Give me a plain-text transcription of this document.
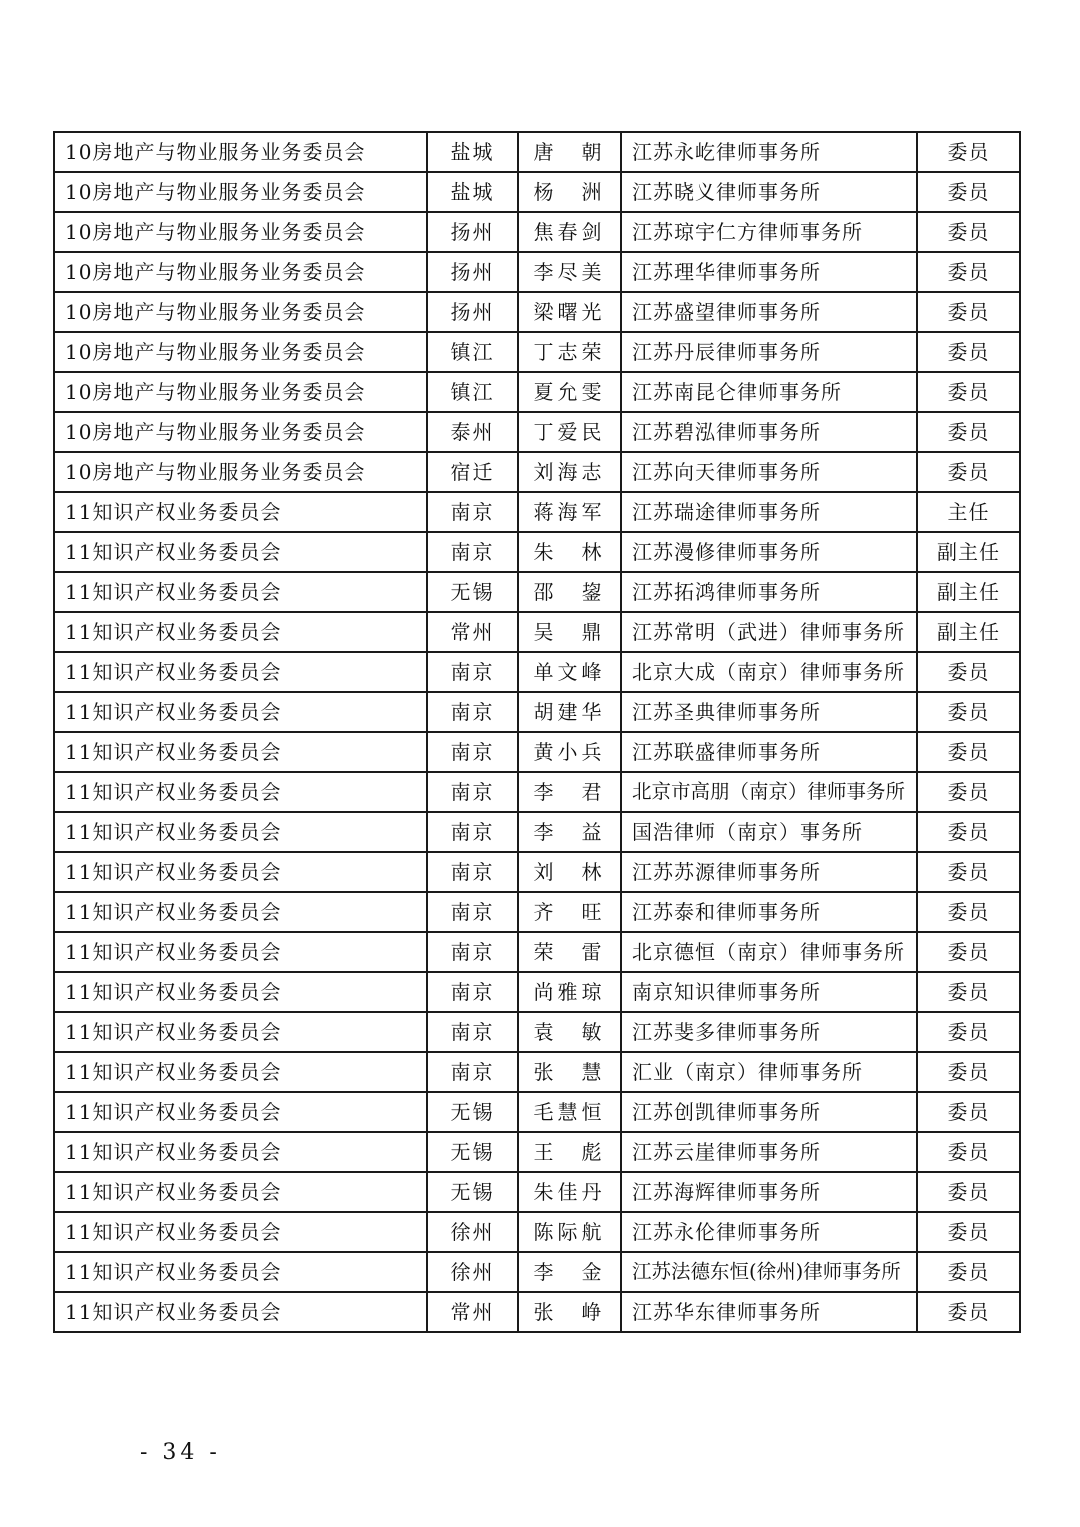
10房地产与物业服务业务委员会	盐城	唐　朝	江苏永屹律师事务所	委员
10房地产与物业服务业务委员会	盐城	杨　洲	江苏晓义律师事务所	委员
10房地产与物业服务业务委员会	扬州	焦春剑	江苏琼宇仁方律师事务所	委员
10房地产与物业服务业务委员会	扬州	李尽美	江苏理华律师事务所	委员
10房地产与物业服务业务委员会	扬州	梁曙光	江苏盛望律师事务所	委员
10房地产与物业服务业务委员会	镇江	丁志荣	江苏丹辰律师事务所	委员
10房地产与物业服务业务委员会	镇江	夏允雯	江苏南昆仑律师事务所	委员
10房地产与物业服务业务委员会	泰州	丁爱民	江苏碧泓律师事务所	委员
10房地产与物业服务业务委员会	宿迁	刘海志	江苏向天律师事务所	委员
11知识产权业务委员会	南京	蒋海军	江苏瑞途律师事务所	主任
11知识产权业务委员会	南京	朱　林	江苏漫修律师事务所	副主任
11知识产权业务委员会	无锡	邵　鋆	江苏拓鸿律师事务所	副主任
11知识产权业务委员会	常州	吴　鼎	江苏常明（武进）律师事务所	副主任
11知识产权业务委员会	南京	单文峰	北京大成（南京）律师事务所	委员
11知识产权业务委员会	南京	胡建华	江苏圣典律师事务所	委员
11知识产权业务委员会	南京	黄小兵	江苏联盛律师事务所	委员
11知识产权业务委员会	南京	李　君	北京市高朋（南京）律师事务所	委员
11知识产权业务委员会	南京	李　益	国浩律师（南京）事务所	委员
11知识产权业务委员会	南京	刘　林	江苏苏源律师事务所	委员
11知识产权业务委员会	南京	齐　旺	江苏泰和律师事务所	委员
11知识产权业务委员会	南京	荣　雷	北京德恒（南京）律师事务所	委员
11知识产权业务委员会	南京	尚雅琼	南京知识律师事务所	委员
11知识产权业务委员会	南京	袁　敏	江苏斐多律师事务所	委员
11知识产权业务委员会	南京	张　慧	汇业（南京）律师事务所	委员
11知识产权业务委员会	无锡	毛慧恒	江苏创凯律师事务所	委员
11知识产权业务委员会	无锡	王　彪	江苏云崖律师事务所	委员
11知识产权业务委员会	无锡	朱佳丹	江苏海辉律师事务所	委员
11知识产权业务委员会	徐州	陈际航	江苏永伦律师事务所	委员
11知识产权业务委员会	徐州	李　金	江苏法德东恒(徐州)律师事务所	委员
11知识产权业务委员会	常州	张　峥	江苏华东律师事务所	委员
- 34 -
